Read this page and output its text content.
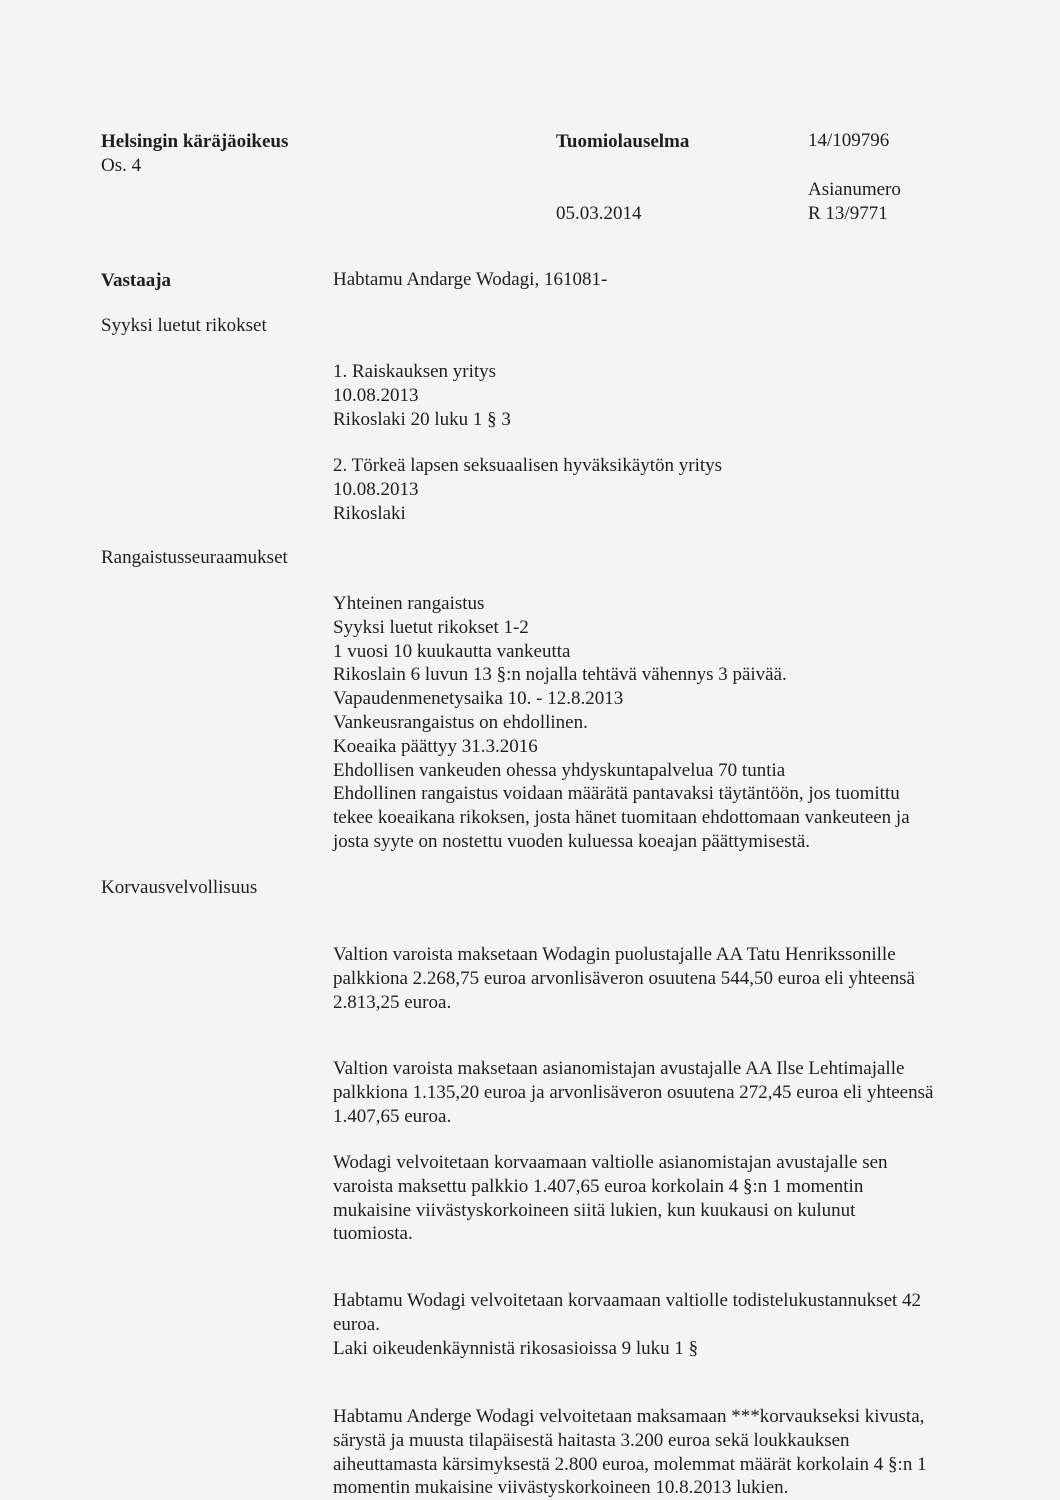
Helsingin käräjäoikeus
Os. 4
Tuomiolauselma	14/109796
Asianumero
05.03.2014	R 13/9771
Vastaaja	Habtamu Andarge Wodagi, 161081-
Syyksi luetut rikokset
1. Raiskauksen yritys
10.08.2013
Rikoslaki 20 luku 1 § 3
2. Törkeä lapsen seksuaalisen hyväksikäytön yritys
10.08.2013
Rikoslaki
Rangaistusseuraamukset
Yhteinen rangaistus
Syyksi luetut rikokset 1-2
1 vuosi 10 kuukautta vankeutta
Rikoslain 6 luvun 13 §:n nojalla tehtävä vähennys 3 päivää.
Vapaudenmenetysaika 10. - 12.8.2013
Vankeusrangaistus on ehdollinen.
Koeaika päättyy 31.3.2016
Ehdollisen vankeuden ohessa yhdyskuntapalvelua 70 tuntia
Ehdollinen rangaistus voidaan määrätä pantavaksi täytäntöön, jos tuomittu
tekee koeaikana rikoksen, josta hänet tuomitaan ehdottomaan vankeuteen ja
josta syyte on nostettu vuoden kuluessa koeajan päättymisestä.
Korvausvelvollisuus
Valtion varoista maksetaan Wodagin puolustajalle AA Tatu Henrikssonille
palkkiona 2.268,75 euroa arvonlisäveron osuutena 544,50 euroa eli yhteensä
2.813,25 euroa.
Valtion varoista maksetaan asianomistajan avustajalle AA Ilse Lehtimajalle
palkkiona 1.135,20 euroa ja arvonlisäveron osuutena 272,45 euroa eli yhteensä
1.407,65 euroa.
Wodagi velvoitetaan korvaamaan valtiolle asianomistajan avustajalle sen
varoista maksettu palkkio 1.407,65 euroa korkolain 4 §:n 1 momentin
mukaisine viivästyskorkoineen siitä lukien, kun kuukausi on kulunut
tuomiosta.
Habtamu Wodagi velvoitetaan korvaamaan valtiolle todistelukustannukset 42
euroa.
Laki oikeudenkäynnistä rikosasioissa 9 luku 1 §
Habtamu Anderge Wodagi velvoitetaan maksamaan ***korvaukseksi kivusta,
särystä ja muusta tilapäisestä haitasta 3.200 euroa sekä loukkauksen
aiheuttamasta kärsimyksestä 2.800 euroa, molemmat määrät korkolain 4 §:n 1
momentin mukaisine viivästyskorkoineen 10.8.2013 lukien.
